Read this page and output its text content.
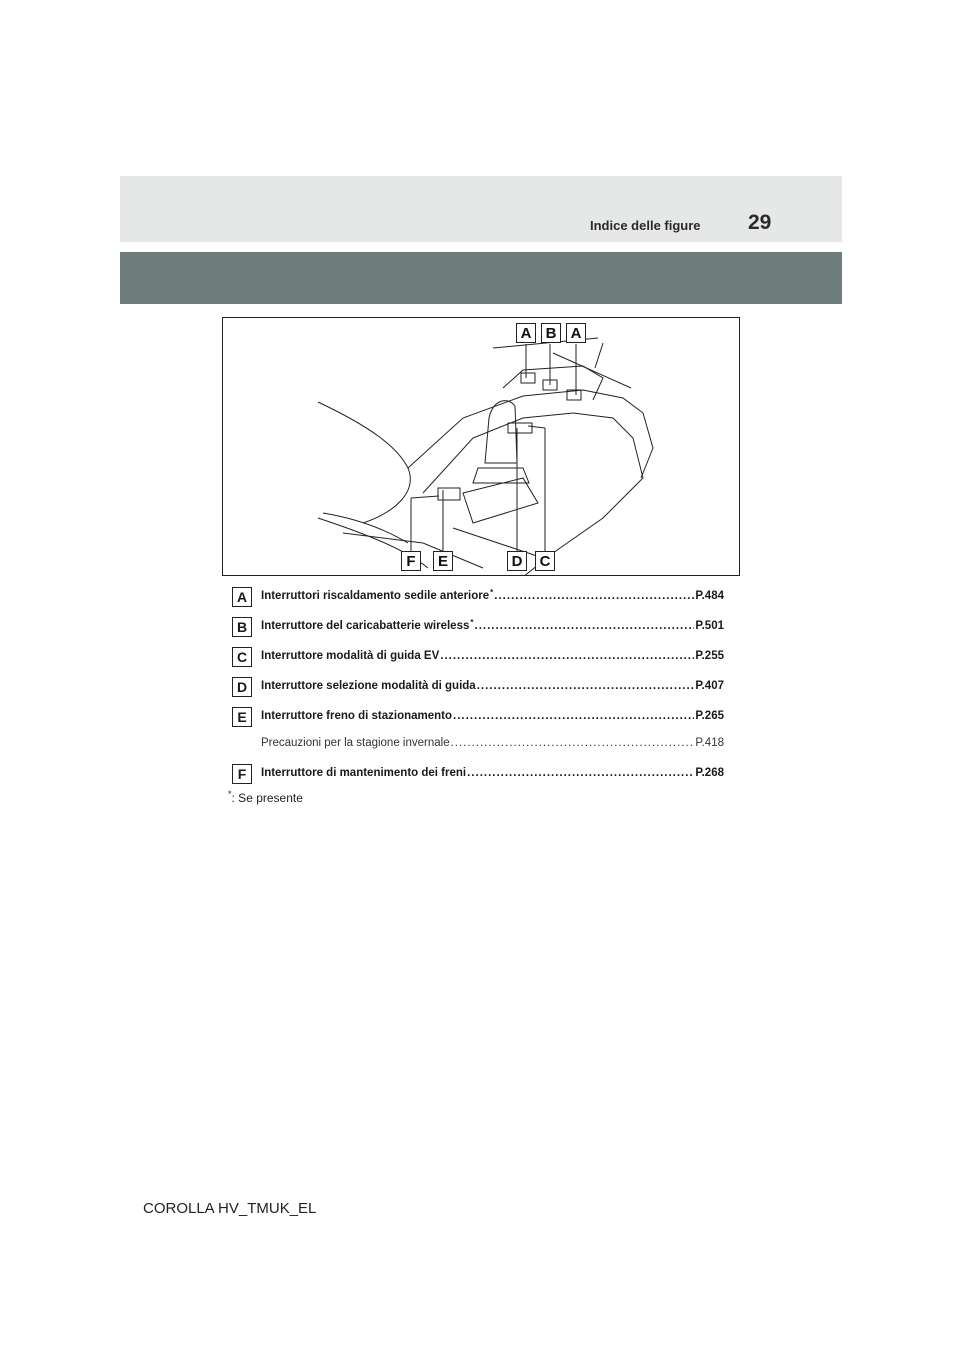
Indice delle figure 29
A B A
F	E	D	C
A	Interruttori riscaldamento sedile anteriore * .....	P.484
B	Interruttore del caricabatterie wireless * .....	P.501
C	Interruttore modalità di guida EV .....	P.255
D	Interruttore selezione modalità di guida .....	P.407
E	Interruttore freno di stazionamento .....	P.265
Precauzioni per la stagione invernale .....	P.418
F	Interruttore di mantenimento dei freni .....	P.268
*: Se presente
COROLLA HV_TMUK_EL
